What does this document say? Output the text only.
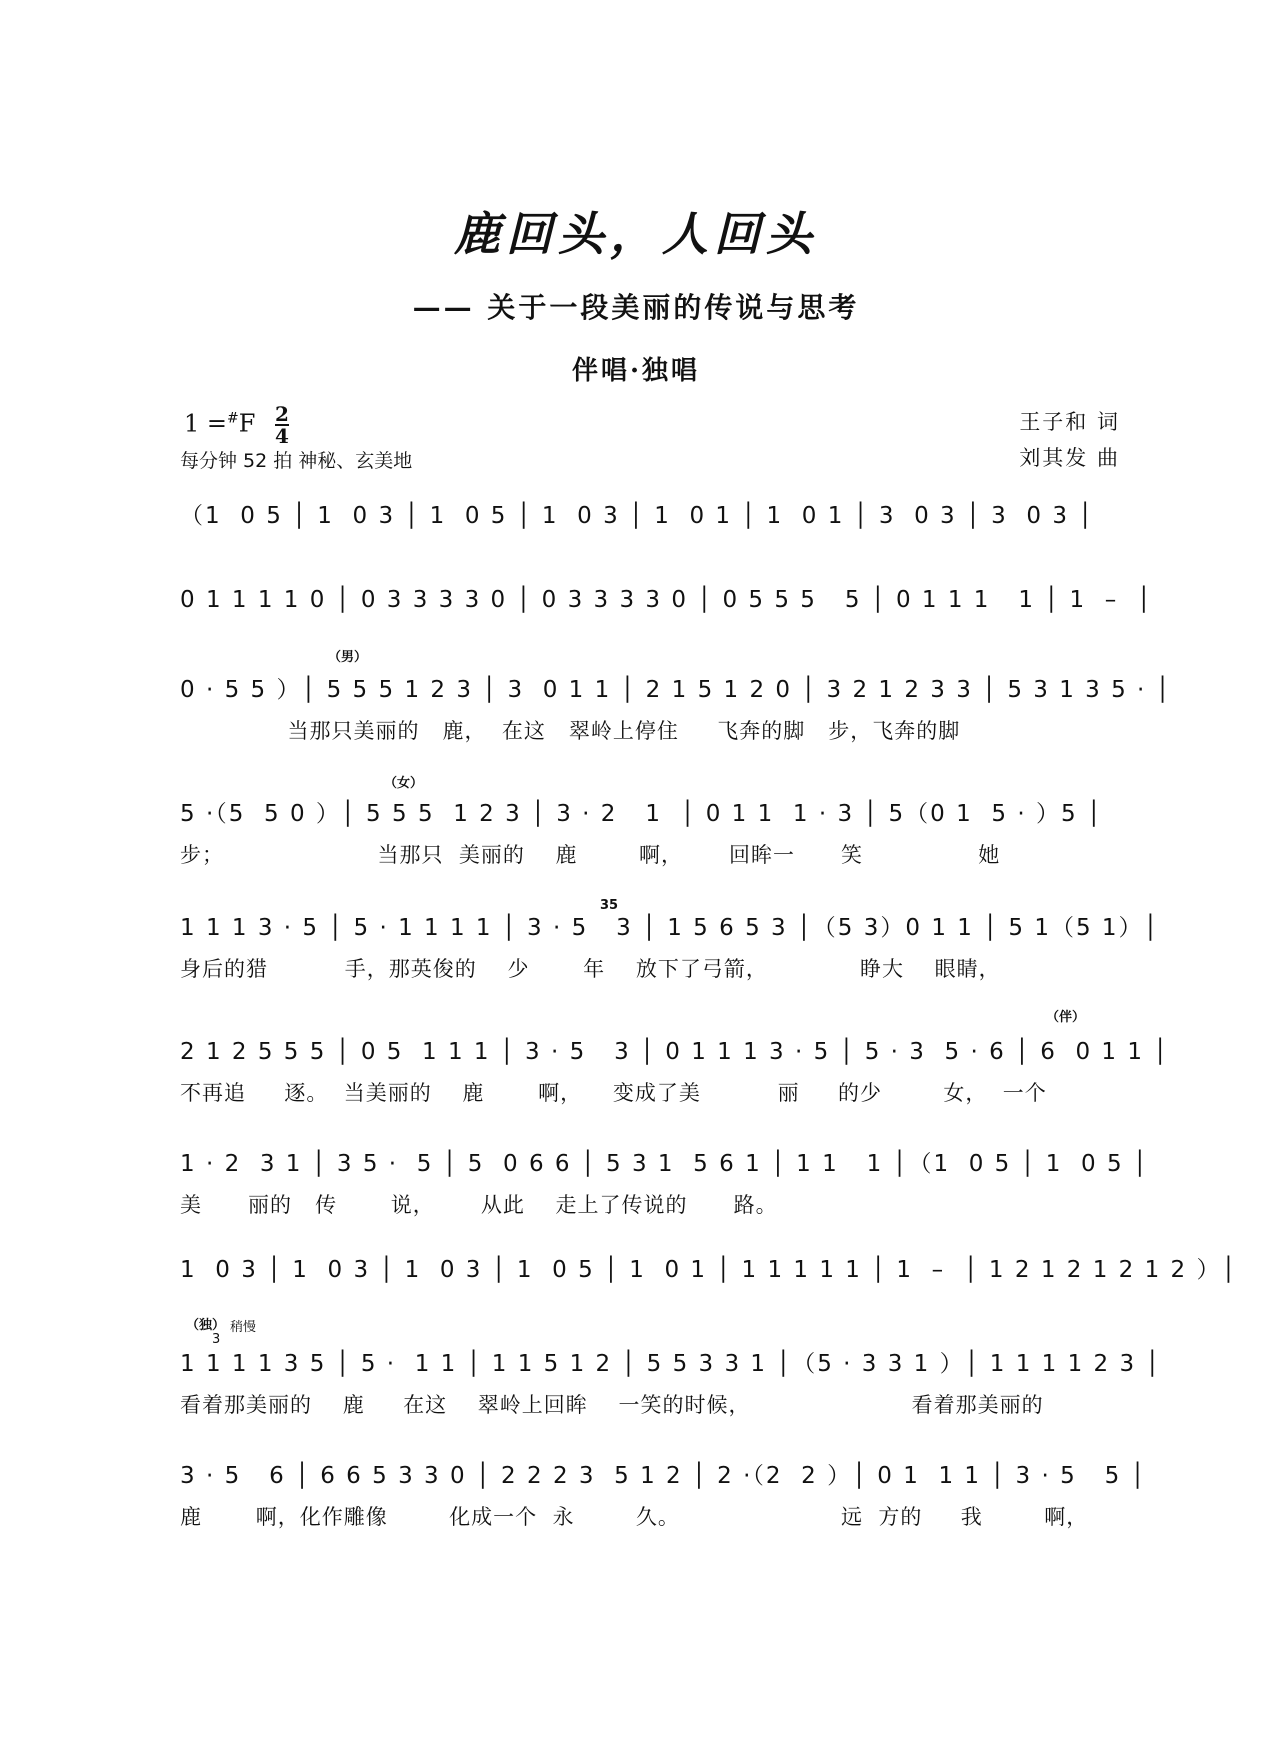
鹿回头，人回头
—— 关于一段美丽的传说与思考
伴唱·独唱
$1 =^{\#}F \frac{2}{4}$
每分钟 52 拍 神秘、玄美地
王子和 词
刘其发 曲
（1  0 5 │ 1  0 3 │ 1  0 5 │ 1  0 3 │ 1  0 1 │ 1  0 1 │ 3  0 3 │ 3  0 3 │
0 1 1 1 1 0 │ 0 3 3 3 3 0 │ 0 3 3 3 3 0 │ 0 5 5 5   5 │ 0 1 1 1   1 │ 1  –  │
（男）
0 · 5 5 ）│ 5 5 5 1 2 3 │ 3  0 1 1 │ 2 1 5 1 2 0 │ 3 2 1 2 3 3 │ 5 3 1 3 5 · │
当那只美丽的   鹿，  在这   翠岭上停住     飞奔的脚   步，飞奔的脚
（女）
5 ·（5  5 0 ）│ 5 5 5  1 2 3 │ 3 · 2   1  │ 0 1 1  1 · 3 │ 5（0 1  5 · ）5 │
步；                    当那只  美丽的    鹿        啊，      回眸一      笑               她
35
1 1 1 3 · 5 │ 5 · 1 1 1 1 │ 3 · 5   3 │ 1 5 6 5 3 │（5 3）0 1 1 │ 5 1（5 1）│
身后的猎          手，那英俊的    少       年    放下了弓箭，            睁大    眼睛，
（伴）
2 1 2 5 5 5 │ 0 5  1 1 1 │ 3 · 5   3 │ 0 1 1 1 3 · 5 │ 5 · 3  5 · 6 │ 6  0 1 1 │
不再追     逐。  当美丽的    鹿       啊，    变成了美          丽     的少        女，  一个
1 · 2  3 1 │ 3 5 ·  5 │ 5  0 6 6 │ 5 3 1  5 6 1 │ 1 1   1 │（1  0 5 │ 1  0 5 │
美      丽的   传       说，      从此    走上了传说的      路。
1  0 3 │ 1  0 3 │ 1  0 3 │ 1  0 5 │ 1  0 1 │ 1 1 1 1 1 │ 1  –  │ 1 2 1 2 1 2 1 2 ）│
（独） 稍慢
3
1 1 1 1 3 5 │ 5 ·  1 1 │ 1 1 5 1 2 │ 5 5 3 3 1 │（5 · 3 3 1 ）│ 1 1 1 1 2 3 │
看着那美丽的    鹿     在这    翠岭上回眸    一笑的时候，                     看着那美丽的
3 · 5   6 │ 6 6 5 3 3 0 │ 2 2 2 3  5 1 2 │ 2 ·（2  2 ）│ 0 1  1 1 │ 3 · 5   5 │
鹿       啊，化作雕像        化成一个  永        久。                     远  方的     我        啊，
